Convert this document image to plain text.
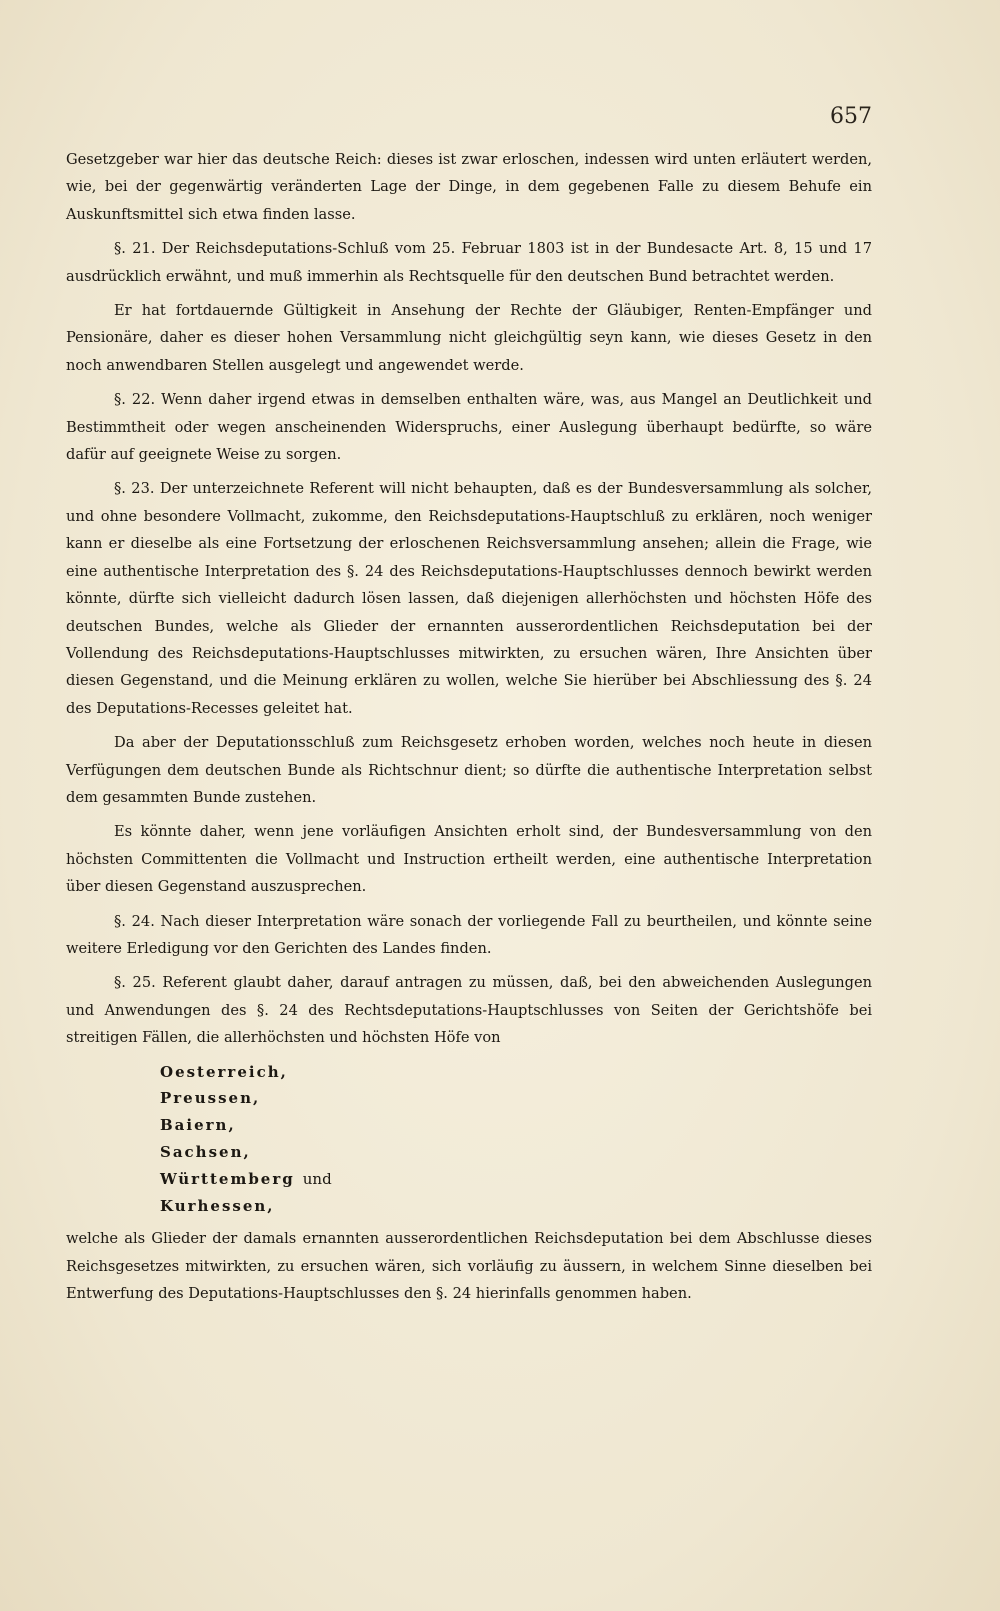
657

Gesetzgeber war hier das deutsche Reich: dieses ist zwar erloschen, indessen wird unten erläutert werden, wie, bei der gegenwärtig veränderten Lage der Dinge, in dem gegebenen Falle zu diesem Behufe ein Auskunftsmittel sich etwa finden lasse.

§. 21. Der Reichsdeputations-Schluß vom 25. Februar 1803 ist in der Bundesacte Art. 8, 15 und 17 ausdrücklich erwähnt, und muß immerhin als Rechtsquelle für den deutschen Bund betrachtet werden.

Er hat fortdauernde Gültigkeit in Ansehung der Rechte der Gläubiger, Renten-Empfänger und Pensionäre, daher es dieser hohen Versammlung nicht gleichgültig seyn kann, wie dieses Gesetz in den noch anwendbaren Stellen ausgelegt und angewendet werde.

§. 22. Wenn daher irgend etwas in demselben enthalten wäre, was, aus Mangel an Deutlichkeit und Bestimmtheit oder wegen anscheinenden Widerspruchs, einer Auslegung überhaupt bedürfte, so wäre dafür auf geeignete Weise zu sorgen.

§. 23. Der unterzeichnete Referent will nicht behaupten, daß es der Bundesversammlung als solcher, und ohne besondere Vollmacht, zukomme, den Reichsdeputations-Hauptschluß zu erklären, noch weniger kann er dieselbe als eine Fortsetzung der erloschenen Reichsversammlung ansehen; allein die Frage, wie eine authentische Interpretation des §. 24 des Reichsdeputations-Hauptschlusses dennoch bewirkt werden könnte, dürfte sich vielleicht dadurch lösen lassen, daß diejenigen allerhöchsten und höchsten Höfe des deutschen Bundes, welche als Glieder der ernannten ausserordentlichen Reichsdeputation bei der Vollendung des Reichsdeputations-Hauptschlusses mitwirkten, zu ersuchen wären, Ihre Ansichten über diesen Gegenstand, und die Meinung erklären zu wollen, welche Sie hierüber bei Abschliessung des §. 24 des Deputations-Recesses geleitet hat.

Da aber der Deputationsschluß zum Reichsgesetz erhoben worden, welches noch heute in diesen Verfügungen dem deutschen Bunde als Richtschnur dient; so dürfte die authentische Interpretation selbst dem gesammten Bunde zustehen.

Es könnte daher, wenn jene vorläufigen Ansichten erholt sind, der Bundesversammlung von den höchsten Committenten die Vollmacht und Instruction ertheilt werden, eine authentische Interpretation über diesen Gegenstand auszusprechen.

§. 24. Nach dieser Interpretation wäre sonach der vorliegende Fall zu beurtheilen, und könnte seine weitere Erledigung vor den Gerichten des Landes finden.

§. 25. Referent glaubt daher, darauf antragen zu müssen, daß, bei den abweichenden Auslegungen und Anwendungen des §. 24 des Rechtsdeputations-Hauptschlusses von Seiten der Gerichtshöfe bei streitigen Fällen, die allerhöchsten und höchsten Höfe von

Oesterreich,
Preussen,
Baiern,
Sachsen,
Württemberg und
Kurhessen,

welche als Glieder der damals ernannten ausserordentlichen Reichsdeputation bei dem Abschlusse dieses Reichsgesetzes mitwirkten, zu ersuchen wären, sich vorläufig zu äussern, in welchem Sinne dieselben bei Entwerfung des Deputations-Hauptschlusses den §. 24 hierinfalls genommen haben.
